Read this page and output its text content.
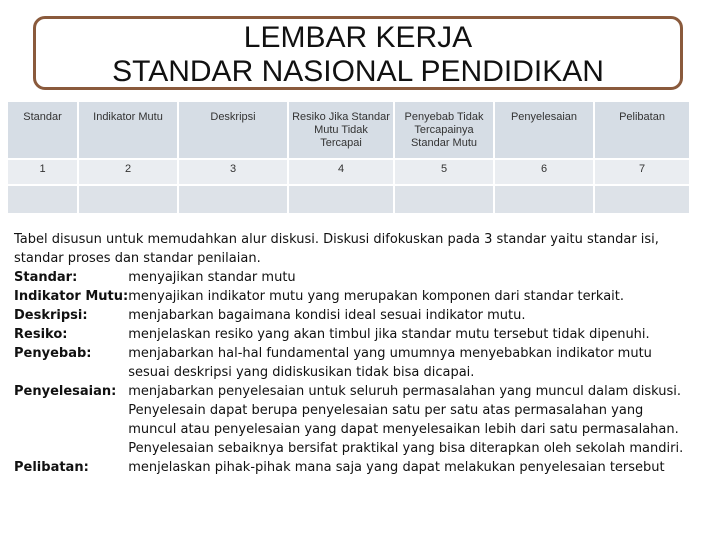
LEMBAR KERJA
STANDAR NASIONAL PENDIDIKAN
Standar	Indikator Mutu	Deskripsi	Resiko Jika Standar Mutu Tidak Tercapai	Penyebab Tidak Tercapainya Standar Mutu	Penyelesaian	Pelibatan
1	2	3	4	5	6	7

Tabel disusun untuk memudahkan alur diskusi. Diskusi difokuskan pada 3 standar yaitu standar isi, standar proses dan standar penilaian.

Standar:	menyajikan standar mutu
Indikator Mutu:	menyajikan indikator mutu yang merupakan komponen dari standar terkait.
Deskripsi:	menjabarkan bagaimana kondisi ideal sesuai indikator mutu.
Resiko:	menjelaskan resiko yang akan timbul jika standar mutu tersebut tidak dipenuhi.
Penyebab:	menjabarkan hal-hal fundamental yang umumnya menyebabkan indikator mutu sesuai deskripsi yang didiskusikan tidak bisa dicapai.
Penyelesaian:	menjabarkan penyelesaian untuk seluruh permasalahan yang muncul dalam diskusi. Penyelesain dapat berupa penyelesaian satu per satu atas permasalahan yang muncul atau penyelesaian yang dapat menyelesaikan lebih dari satu permasalahan. Penyelesaian sebaiknya bersifat praktikal yang bisa diterapkan oleh sekolah mandiri.
Pelibatan:	menjelaskan pihak-pihak mana saja yang dapat melakukan penyelesaian tersebut
